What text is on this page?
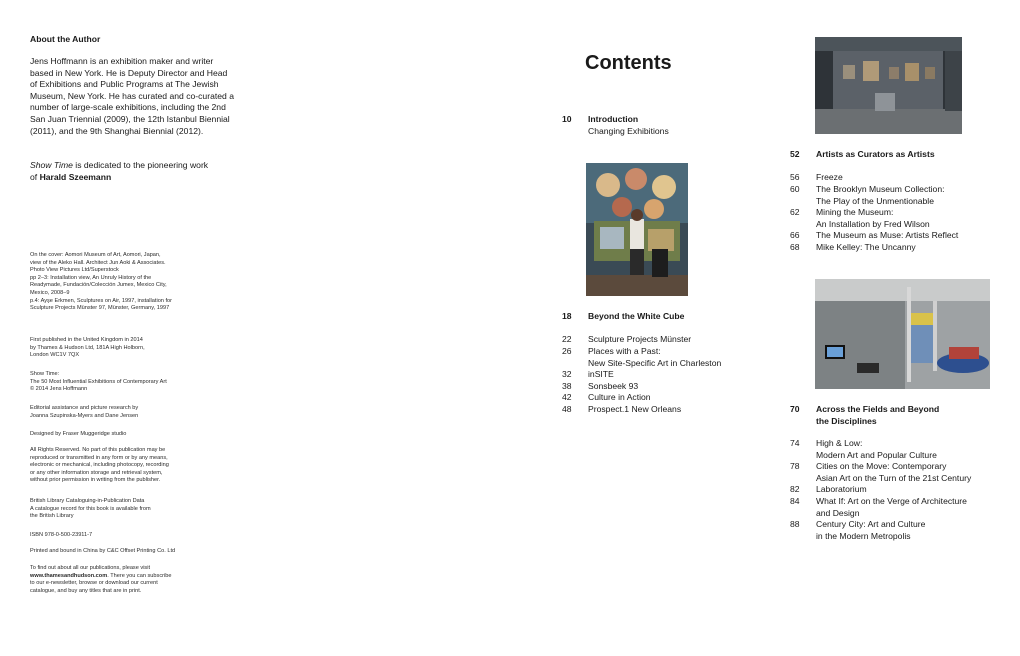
About the Author
Jens Hoffmann is an exhibition maker and writer
based in New York. He is Deputy Director and Head
of Exhibitions and Public Programs at The Jewish
Museum, New York. He has curated and co-curated a
number of large-scale exhibitions, including the 2nd
San Juan Triennial (2009), the 12th Istanbul Biennial
(2011), and the 9th Shanghai Biennial (2012).
Show Time is dedicated to the pioneering work
of Harald Szeemann
On the cover: Aomori Museum of Art, Aomori, Japan,
view of the Aleko Hall. Architect Jun Aoki & Associates.
Photo View Pictures Ltd/Superstock
pp 2–3: Installation view, An Unruly History of the
Readymade, Fundación/Colección Jumex, Mexico City,
Mexico, 2008–9
p.4: Ayşe Erkmen, Sculptures on Air, 1997, installation for
Sculpture Projects Münster 97, Münster, Germany, 1997
First published in the United Kingdom in 2014
by Thames & Hudson Ltd, 181A High Holborn,
London WC1V 7QX
Show Time:
The 50 Most Influential Exhibitions of Contemporary Art
© 2014 Jens Hoffmann
Editorial assistance and picture research by
Joanna Szupinska-Myers and Dane Jensen
Designed by Fraser Muggeridge studio
All Rights Reserved. No part of this publication may be
reproduced or transmitted in any form or by any means,
electronic or mechanical, including photocopy, recording
or any other information storage and retrieval system,
without prior permission in writing from the publisher.
British Library Cataloguing-in-Publication Data
A catalogue record for this book is available from
the British Library
ISBN 978-0-500-23911-7
Printed and bound in China by C&C Offset Printing Co. Ltd
To find out about all our publications, please visit
www.thamesandhudson.com. There you can subscribe
to our e-newsletter, browse or download our current
catalogue, and buy any titles that are in print.
Contents
10	Introduction
Changing Exhibitions
18	Beyond the White Cube
22	Sculpture Projects Münster
26	Places with a Past:
New Site-Specific Art in Charleston
32	inSITE
38	Sonsbeek 93
42	Culture in Action
48	Prospect.1 New Orleans
52	Artists as Curators as Artists
56	Freeze
60	The Brooklyn Museum Collection:
The Play of the Unmentionable
62	Mining the Museum:
An Installation by Fred Wilson
66	The Museum as Muse: Artists Reflect
68	Mike Kelley: The Uncanny
70	Across the Fields and Beyond
the Disciplines
74	High & Low:
Modern Art and Popular Culture
78	Cities on the Move: Contemporary
Asian Art on the Turn of the 21st Century
82	Laboratorium
84	What If: Art on the Verge of Architecture
and Design
88	Century City: Art and Culture
in the Modern Metropolis
